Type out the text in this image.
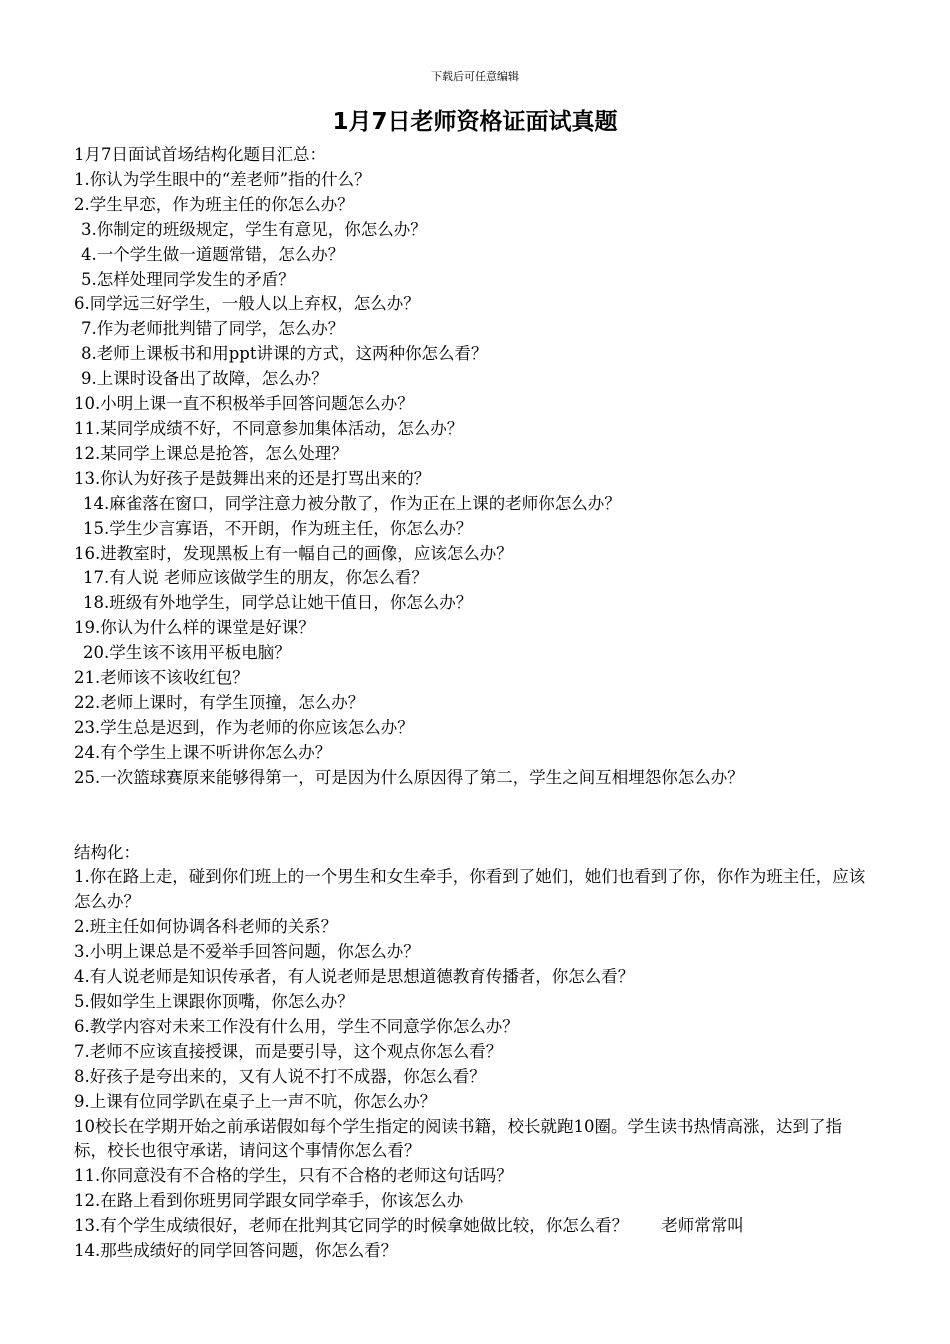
下载后可任意编辑
1月7日老师资格证面试真题
1月7日面试首场结构化题目汇总：
1.你认为学生眼中的“差老师”指的什么？
2.学生早恋，作为班主任的你怎么办？
3.你制定的班级规定，学生有意见，你怎么办？
4.一个学生做一道题常错，怎么办？
5.怎样处理同学发生的矛盾？
6.同学远三好学生，一般人以上弃权，怎么办？
7.作为老师批判错了同学，怎么办？
8.老师上课板书和用ppt讲课的方式，这两种你怎么看？
9.上课时设备出了故障，怎么办？
10.小明上课一直不积极举手回答问题怎么办？
11.某同学成绩不好，不同意参加集体活动，怎么办？
12.某同学上课总是抢答，怎么处理？
13.你认为好孩子是鼓舞出来的还是打骂出来的？
14.麻雀落在窗口，同学注意力被分散了，作为正在上课的老师你怎么办？
15.学生少言寡语，不开朗，作为班主任，你怎么办？
16.进教室时，发现黑板上有一幅自己的画像，应该怎么办？
17.有人说 老师应该做学生的朋友，你怎么看？
18.班级有外地学生，同学总让她干值日，你怎么办？
19.你认为什么样的课堂是好课？
20.学生该不该用平板电脑？
21.老师该不该收红包？
22.老师上课时，有学生顶撞，怎么办？
23.学生总是迟到，作为老师的你应该怎么办？
24.有个学生上课不听讲你怎么办？
25.一次篮球赛原来能够得第一，可是因为什么原因得了第二，学生之间互相埋怨你怎么办？
结构化：
1.你在路上走，碰到你们班上的一个男生和女生牵手，你看到了她们，她们也看到了你，你作为班主任，应该怎么办？
2.班主任如何协调各科老师的关系？
3.小明上课总是不爱举手回答问题，你怎么办？
4.有人说老师是知识传承者，有人说老师是思想道德教育传播者，你怎么看？
5.假如学生上课跟你顶嘴，你怎么办？
6.教学内容对未来工作没有什么用，学生不同意学你怎么办？
7.老师不应该直接授课，而是要引导，这个观点你怎么看？
8.好孩子是夸出来的，又有人说不打不成器，你怎么看？
9.上课有位同学趴在桌子上一声不吭，你怎么办？
10校长在学期开始之前承诺假如每个学生指定的阅读书籍，校长就跑10圈。学生读书热情高涨，达到了指标，校长也很守承诺，请问这个事情你怎么看？
11.你同意没有不合格的学生，只有不合格的老师这句话吗？
12.在路上看到你班男同学跟女同学牵手，你该怎么办
13.有个学生成绩很好，老师在批判其它同学的时候拿她做比较，你怎么看？　　老师常常叫
14.那些成绩好的同学回答问题，你怎么看？
